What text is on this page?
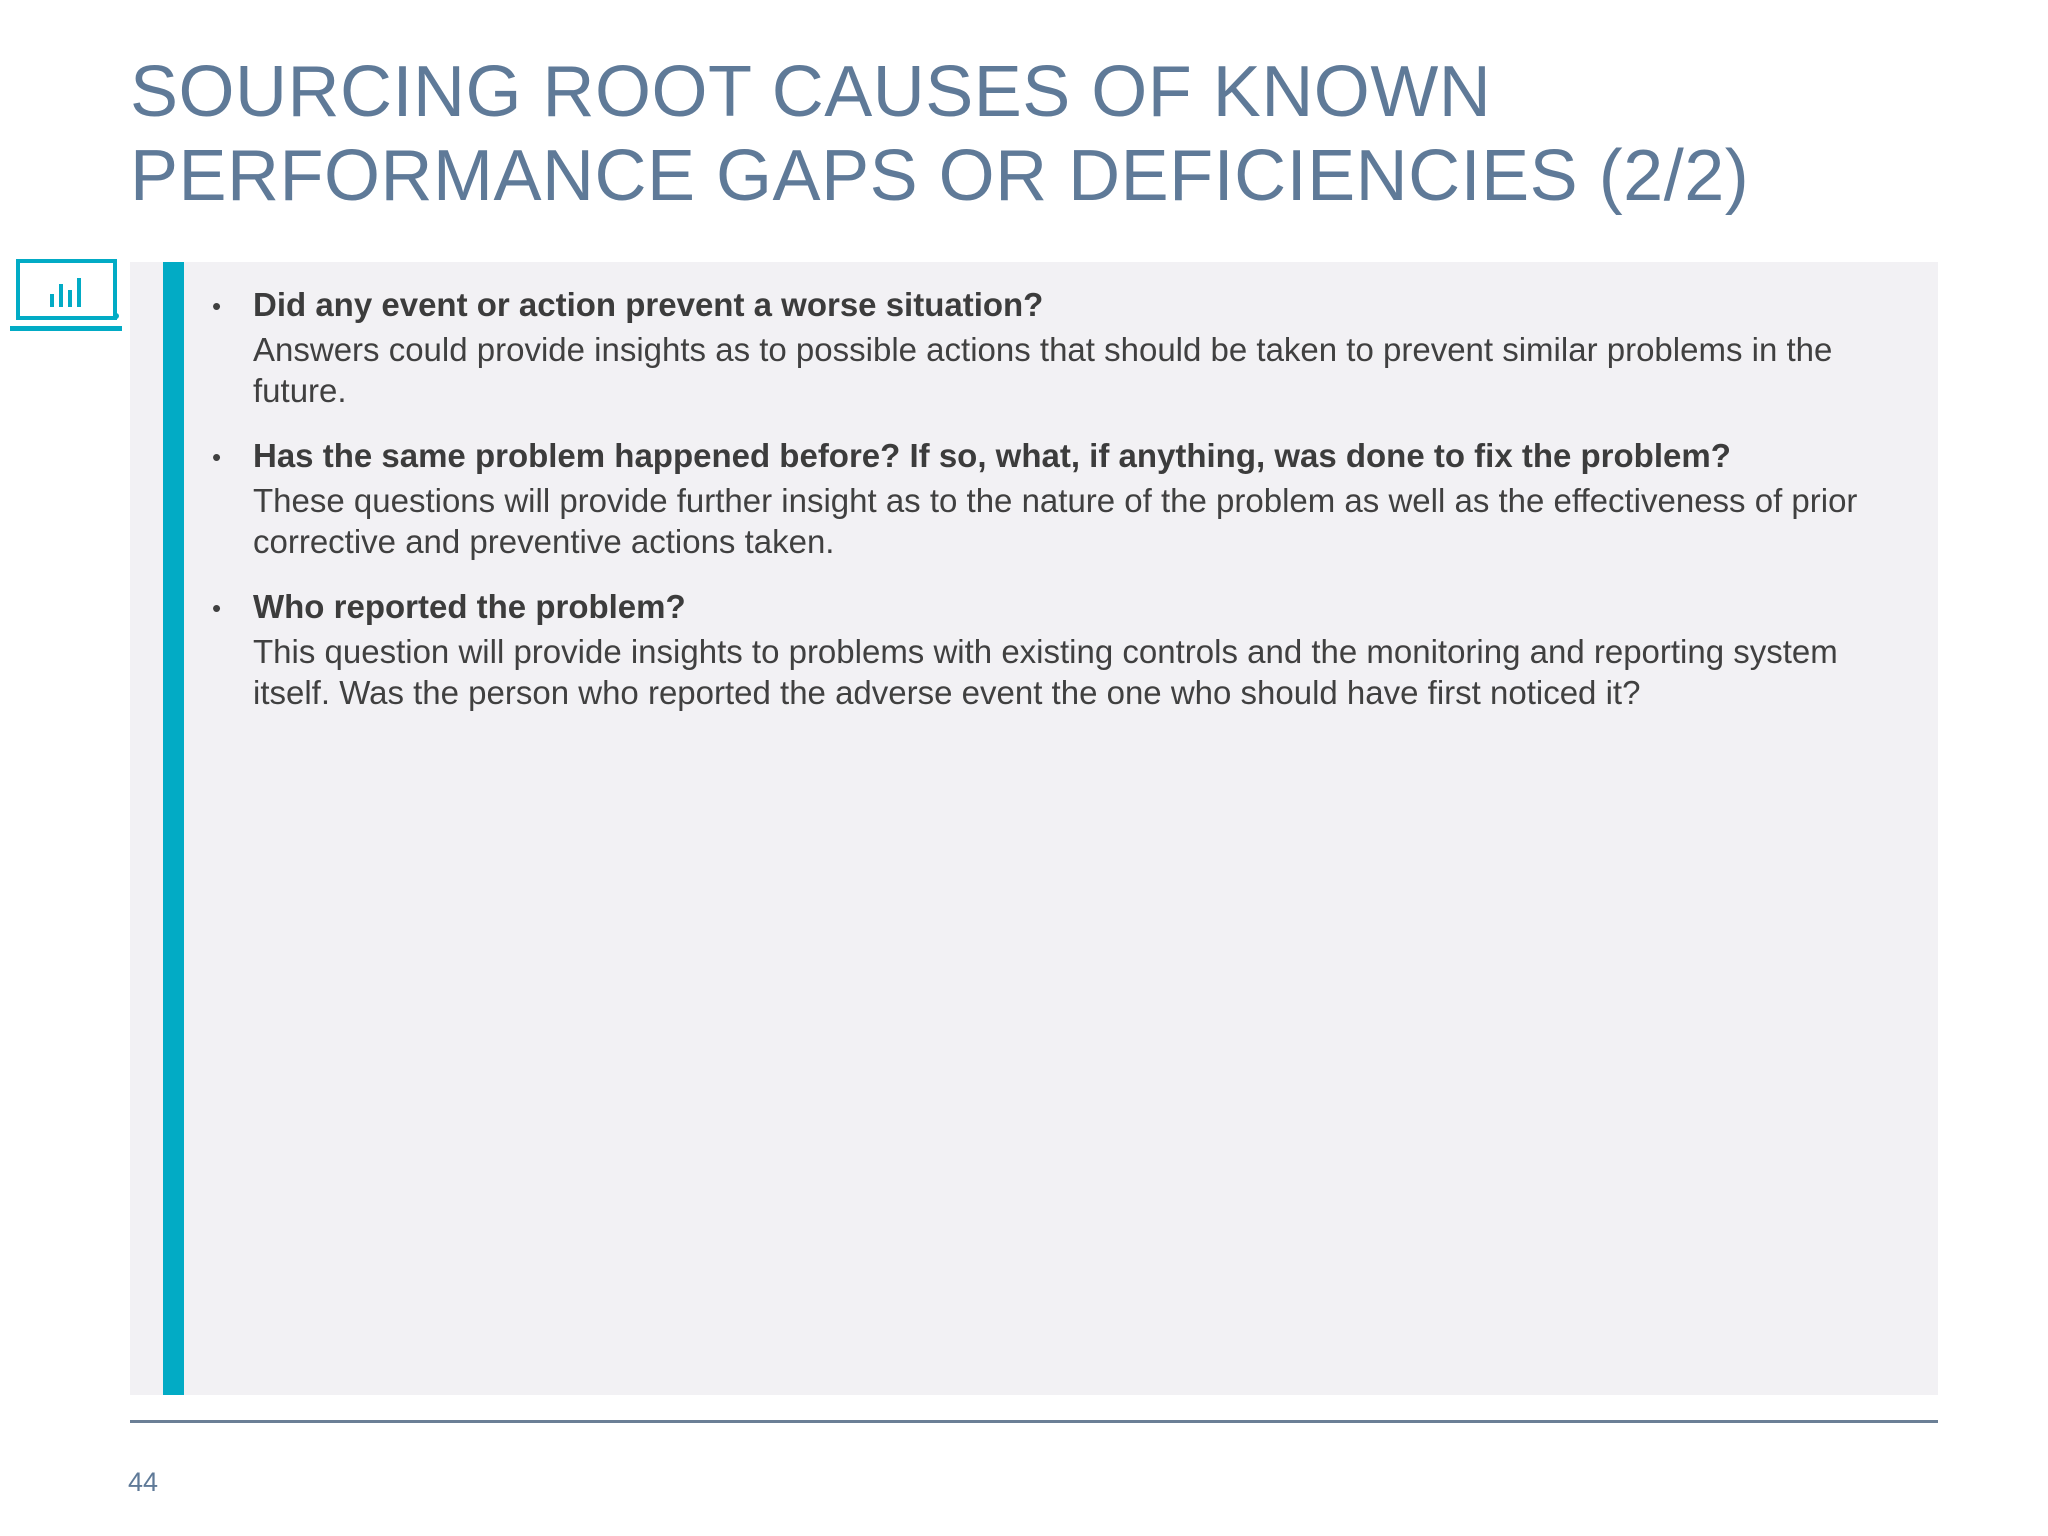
SOURCING ROOT CAUSES OF KNOWN
PERFORMANCE GAPS OR DEFICIENCIES (2/2)
• Did any event or action prevent a worse situation?
Answers could provide insights as to possible actions that should be taken to prevent similar problems in the future.
• Has the same problem happened before? If so, what, if anything, was done to fix the problem?
These questions will provide further insight as to the nature of the problem as well as the effectiveness of prior corrective and preventive actions taken.
• Who reported the problem?
This question will provide insights to problems with existing controls and the monitoring and reporting system itself. Was the person who reported the adverse event the one who should have first noticed it?
44
